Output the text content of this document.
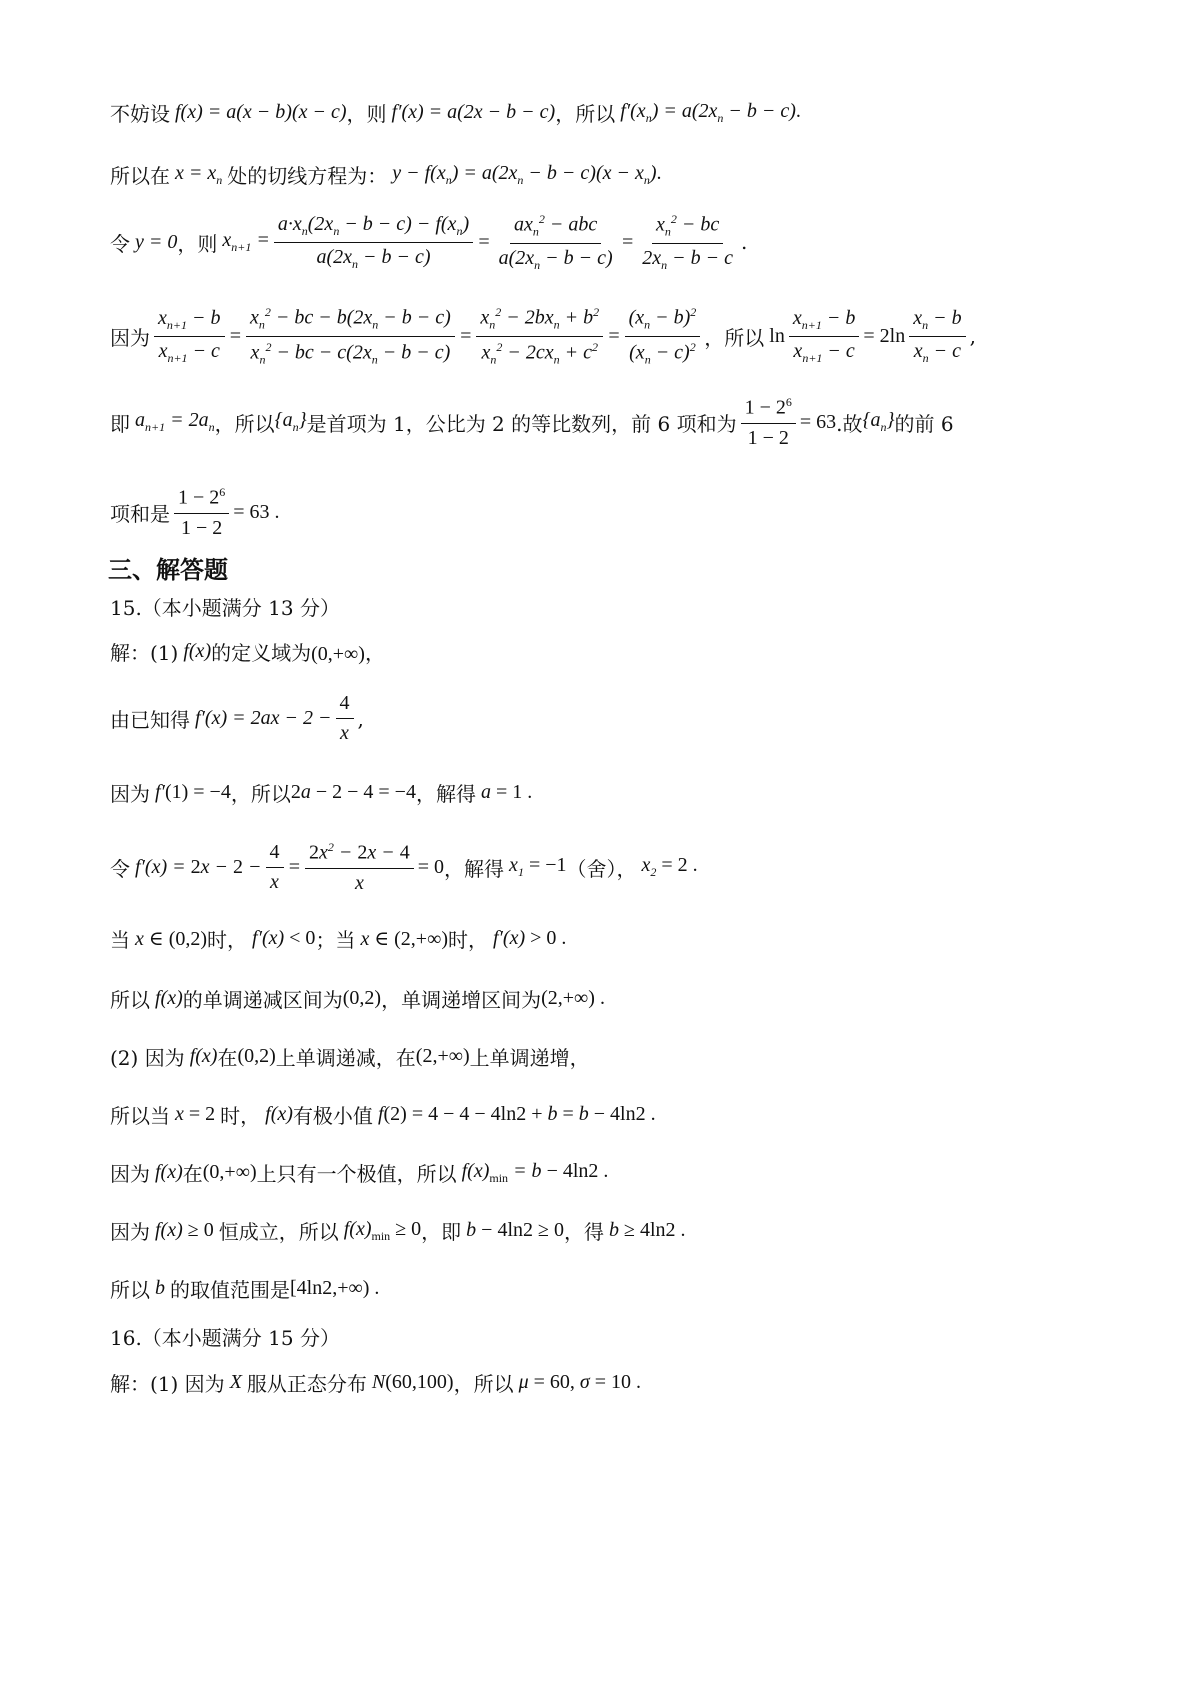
不妨设 f(x) = a(x − b)(x − c) ，则 f′(x) = a(2x − b − c) ，所以 $f'(x_n) = a(2x_n - b - c)$.
所以在 $x = x_n$ 处的切线方程为： $y - f(x_n) = a(2x_n - b - c)(x - x_n)$.
令 y = 0 ，则 $x_{n+1} = \frac{a\cdot x_n(2x_n - b - c) - f(x_n)}{a(2x_n - b - c)} = \frac{ax_n^2 - abc}{a(2x_n - b - c)} = \frac{x_n^2 - bc}{2x_n - b - c}$ .
因为 $\frac{x_{n+1} - b}{x_{n+1} - c} = \frac{x_n^2 - bc - b(2x_n - b - c)}{x_n^2 - bc - c(2x_n - b - c)} = \frac{x_n^2 - 2bx_n + b^2}{x_n^2 - 2cx_n + c^2} = \frac{(x_n - b)^2}{(x_n - c)^2}$ ，所以 $\ln \frac{x_{n+1} - b}{x_{n+1} - c} = 2\ln \frac{x_n - b}{x_n - c}$ ,
即 $a_{n+1} = 2a_n$ ，所以 $\{a_n\}$ 是首项为 1，公比为 2 的等比数列，前 6 项和为 $\frac{1 - 2^6}{1 - 2} = 63$ .故 $\{a_n\}$ 的前 6
项和是 $\frac{1 - 2^6}{1 - 2} = 63$ .
三、解答题
15.（本小题满分 13 分）
解：(1) f(x) 的定义域为 (0,+∞)，
由已知得 $f'(x) = 2ax - 2 - \frac{4}{x}$ ,
因为 f′(1) = −4 ，所以 2a − 2 − 4 = −4 ，解得 a = 1 .
令 $f'(x) = 2x - 2 - \frac{4}{x} = \frac{2x^2 - 2x - 4}{x} = 0$ ，解得 $x_1 = -1$ （舍）， $x_2 = 2$ .
当 x ∈ (0,2) 时， f′(x) < 0 ；当 x ∈ (2,+∞) 时， f′(x) > 0 .
所以 f(x) 的单调递减区间为 (0,2) ，单调递增区间为 (2,+∞) .
(2) 因为 f(x) 在 (0,2) 上单调递减，在 (2,+∞) 上单调递增，
所以当 x = 2 时， f(x) 有极小值 f(2) = 4 − 4 − 4ln2 + b = b − 4ln2 .
因为 f(x) 在 (0,+∞) 上只有一个极值，所以 $f(x)_{min} = b - 4\ln 2$ .
因为 f(x) ≥ 0 恒成立，所以 $f(x)_{min} \ge 0$ ，即 b − 4ln2 ≥ 0 ，得 b ≥ 4ln2 .
所以 b 的取值范围是 [4ln2,+∞) .
16.（本小题满分 15 分）
解：(1) 因为 X 服从正态分布 N(60,100) ，所以 μ = 60, σ = 10 .
